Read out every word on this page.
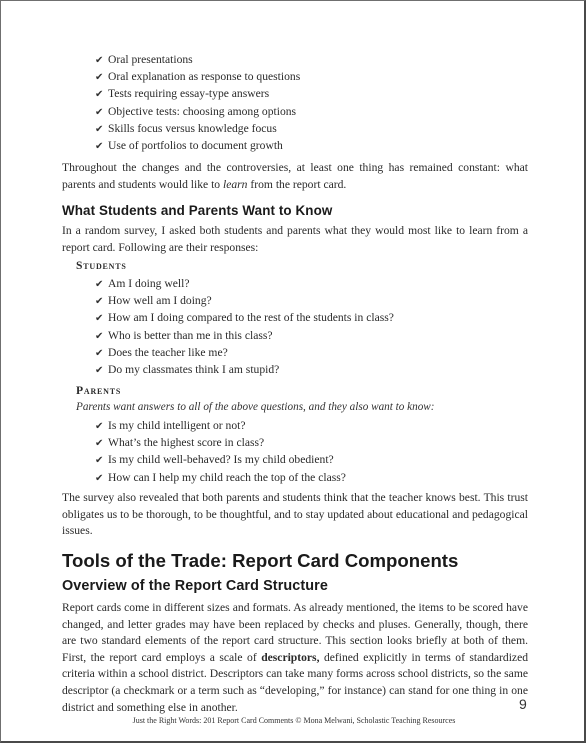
✔ Oral presentations
✔ Oral explanation as response to questions
✔ Tests requiring essay-type answers
✔ Objective tests: choosing among options
✔ Skills focus versus knowledge focus
✔ Use of portfolios to document growth

Throughout the changes and the controversies, at least one thing has remained constant: what parents and students would like to learn from the report card.

What Students and Parents Want to Know

In a random survey, I asked both students and parents what they would most like to learn from a report card. Following are their responses:

Students
✔ Am I doing well?
✔ How well am I doing?
✔ How am I doing compared to the rest of the students in class?
✔ Who is better than me in this class?
✔ Does the teacher like me?
✔ Do my classmates think I am stupid?
Parents
Parents want answers to all of the above questions, and they also want to know:
✔ Is my child intelligent or not?
✔ What’s the highest score in class?
✔ Is my child well-behaved? Is my child obedient?
✔ How can I help my child reach the top of the class?

The survey also revealed that both parents and students think that the teacher knows best. This trust obligates us to be thorough, to be thoughtful, and to stay updated about educational and pedagogical issues.

Tools of the Trade: Report Card Components
Overview of the Report Card Structure

Report cards come in different sizes and formats. As already mentioned, the items to be scored have changed, and letter grades may have been replaced by checks and pluses. Generally, though, there are two standard elements of the report card structure. This section looks briefly at both of them. First, the report card employs a scale of descriptors, defined explicitly in terms of standardized criteria within a school district. Descriptors can take many forms across school districts, so the same descriptor (a checkmark or a term such as “developing,” for instance) can stand for one thing in one district and something else in another.	9
Just the Right Words: 201 Report Card Comments © Mona Melwani, Scholastic Teaching Resources
